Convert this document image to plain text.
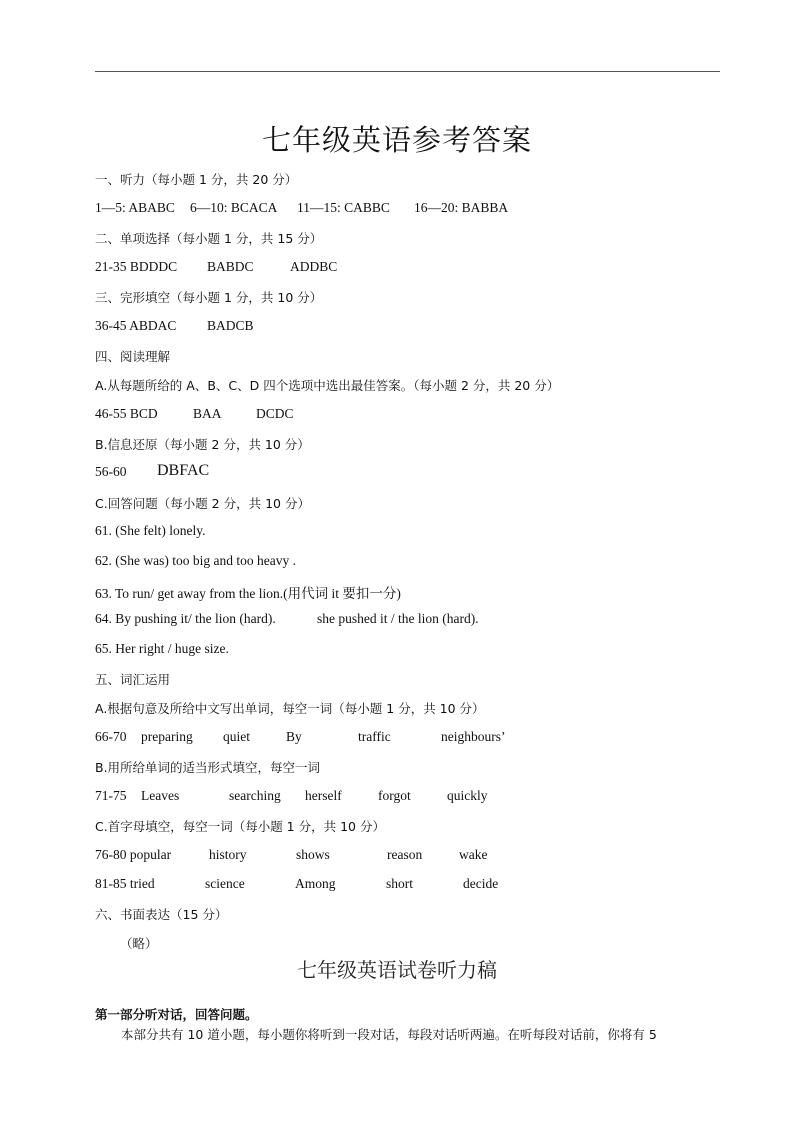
七年级英语参考答案
一、听力（每小题 1 分，共 20 分）
1—5: ABABC 6—10: BCACA 11—15: CABBC 16—20: BABBA
二、单项选择（每小题 1 分，共 15 分）
21-35 BDDDC BABDC	ADDBC
三、完形填空（每小题 1 分，共 10 分）
36-45 ABDAC BADCB
四、阅读理解
A.从每题所给的 A、B、C、D 四个选项中选出最佳答案。（每小题 2 分，共 20 分）
46-55 BCD	BAA	DCDC
B.信息还原（每小题 2 分，共 10 分）
56-60 DBFAC
C.回答问题（每小题 2 分，共 10 分）
61. (She felt) lonely.
62. (She was) too big and too heavy .
63. To run/ get away from the lion.(用代词 it 要扣一分)
64. By pushing it/ the lion (hard).	she pushed it / the lion (hard).
65. Her right / huge size.
五、词汇运用
A.根据句意及所给中文写出单词，每空一词（每小题 1 分，共 10 分）
66-70 preparing quiet	By	traffic	neighbours’
B.用所给单词的适当形式填空，每空一词
71-75 Leaves	searching herself	forgot	quickly
C.首字母填空，每空一词（每小题 1 分，共 10 分）
76-80 popular	history	shows	reason	wake
81-85 tried	science	Among	short	decide
六、书面表达（15 分）
（略）
七年级英语试卷听力稿
第一部分听对话，回答问题。
本部分共有 10 道小题，每小题你将听到一段对话，每段对话听两遍。在听每段对话前，你将有 5
